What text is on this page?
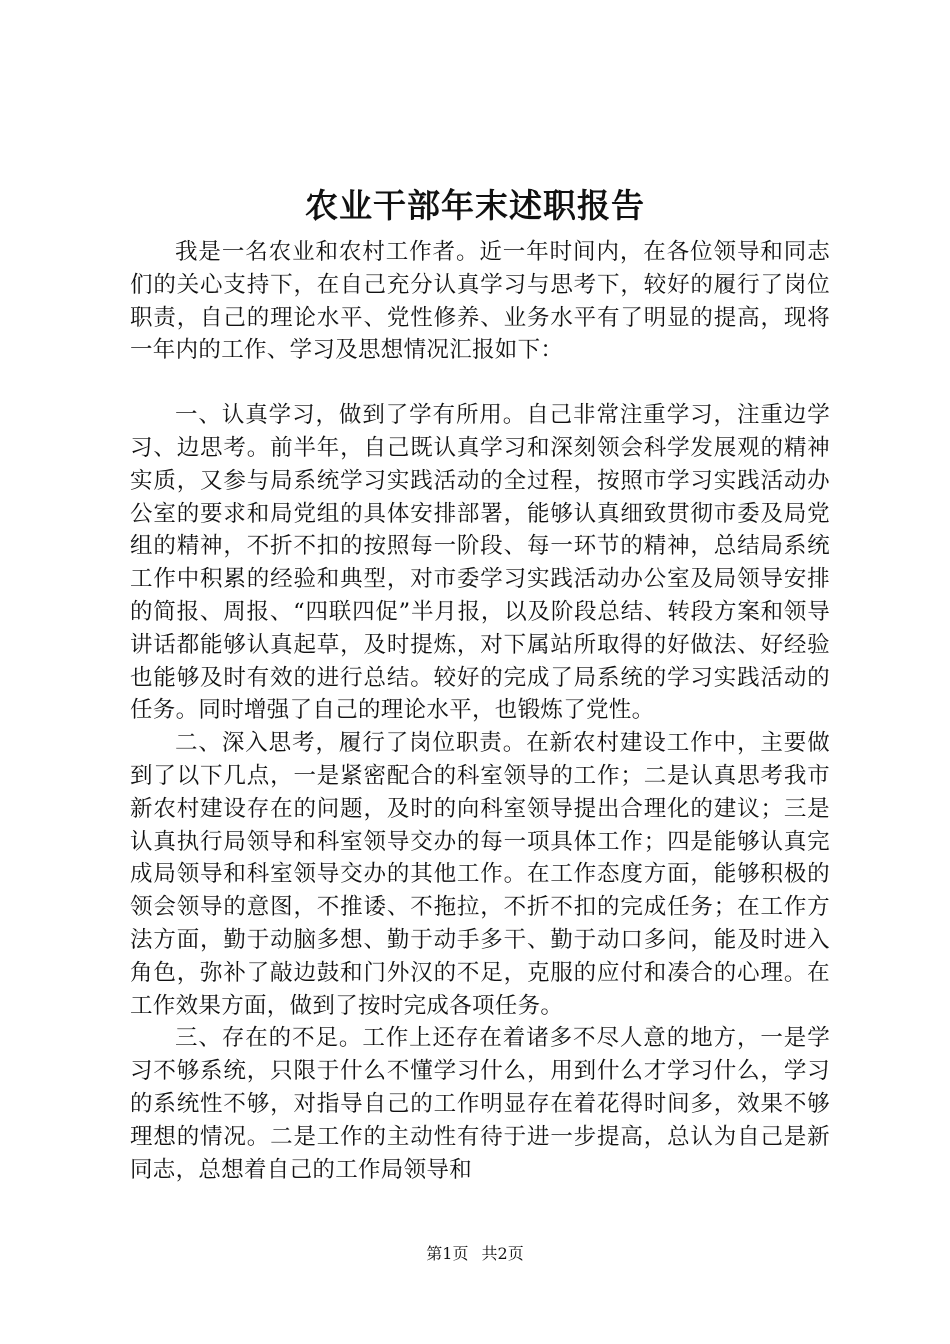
农业干部年末述职报告

我是一名农业和农村工作者。近一年时间内，在各位领导和同志们的关心支持下，在自己充分认真学习与思考下，较好的履行了岗位职责，自己的理论水平、党性修养、业务水平有了明显的提高，现将一年内的工作、学习及思想情况汇报如下：

一、认真学习，做到了学有所用。自己非常注重学习，注重边学习、边思考。前半年，自己既认真学习和深刻领会科学发展观的精神实质，又参与局系统学习实践活动的全过程，按照市学习实践活动办公室的要求和局党组的具体安排部署，能够认真细致贯彻市委及局党组的精神，不折不扣的按照每一阶段、每一环节的精神，总结局系统工作中积累的经验和典型，对市委学习实践活动办公室及局领导安排的简报、周报、“四联四促”半月报，以及阶段总结、转段方案和领导讲话都能够认真起草，及时提炼，对下属站所取得的好做法、好经验也能够及时有效的进行总结。较好的完成了局系统的学习实践活动的任务。同时增强了自己的理论水平，也锻炼了党性。

二、深入思考，履行了岗位职责。在新农村建设工作中，主要做到了以下几点，一是紧密配合的科室领导的工作；二是认真思考我市新农村建设存在的问题，及时的向科室领导提出合理化的建议；三是认真执行局领导和科室领导交办的每一项具体工作；四是能够认真完成局领导和科室领导交办的其他工作。在工作态度方面，能够积极的领会领导的意图，不推诿、不拖拉，不折不扣的完成任务；在工作方法方面，勤于动脑多想、勤于动手多干、勤于动口多问，能及时进入角色，弥补了敲边鼓和门外汉的不足，克服的应付和凑合的心理。在工作效果方面，做到了按时完成各项任务。

三、存在的不足。工作上还存在着诸多不尽人意的地方，一是学习不够系统，只限于什么不懂学习什么，用到什么才学习什么，学习的系统性不够，对指导自己的工作明显存在着花得时间多，效果不够理想的情况。二是工作的主动性有待于进一步提高，总认为自己是新同志，总想着自己的工作局领导和

第1页 共2页
